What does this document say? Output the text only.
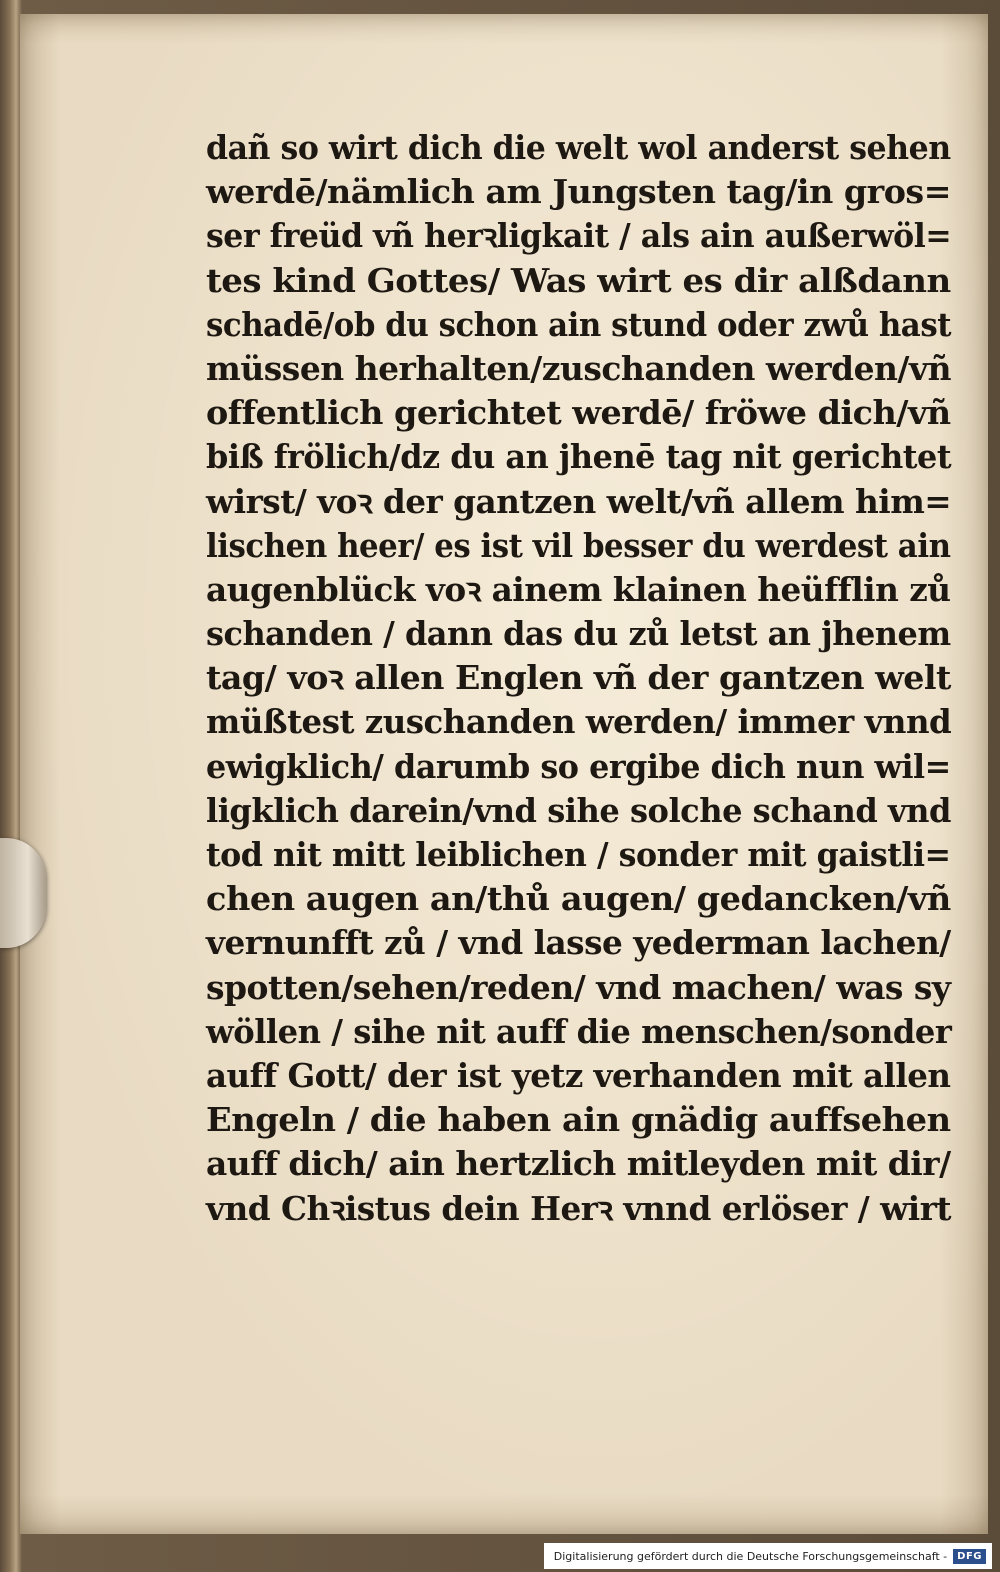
dañ so wirt dich die welt wol anderst sehen
werdē/nämlich am Jungsten tag/in gros=
ser freüd vñ herꝛligkait / als ain außerwöl=
tes kind Gottes/ Was wirt es dir alßdann
schadē/ob du schon ain stund oder zwů hast
müssen herhalten/zuschanden werden/vñ
offentlich gerichtet werdē/ fröwe dich/vñ
biß frölich/dz du an jhenē tag nit gerichtet
wirst/ voꝛ der gantzen welt/vñ allem him=
lischen heer/ es ist vil besser du werdest ain
augenblück voꝛ ainem klainen heüfflin zů
schanden / dann das du zů letst an jhenem
tag/ voꝛ allen Englen vñ der gantzen welt
müßtest zuschanden werden/ immer vnnd
ewigklich/ darumb so ergibe dich nun wil=
ligklich darein/vnd sihe solche schand vnd
tod nit mitt leiblichen / sonder mit gaistli=
chen augen an/thů augen/ gedancken/vñ
vernunfft zů / vnd lasse yederman lachen/
spotten/sehen/reden/ vnd machen/ was sy
wöllen / sihe nit auff die menschen/sonder
auff Gott/ der ist yetz verhanden mit allen
Engeln / die haben ain gnädig auffsehen
auff dich/ ain hertzlich mitleyden mit dir/
vnd Chꝛistus dein Herꝛ vnnd erlöser / wirt
Digitalisierung gefördert durch die Deutsche Forschungsgemeinschaft -	DFG
